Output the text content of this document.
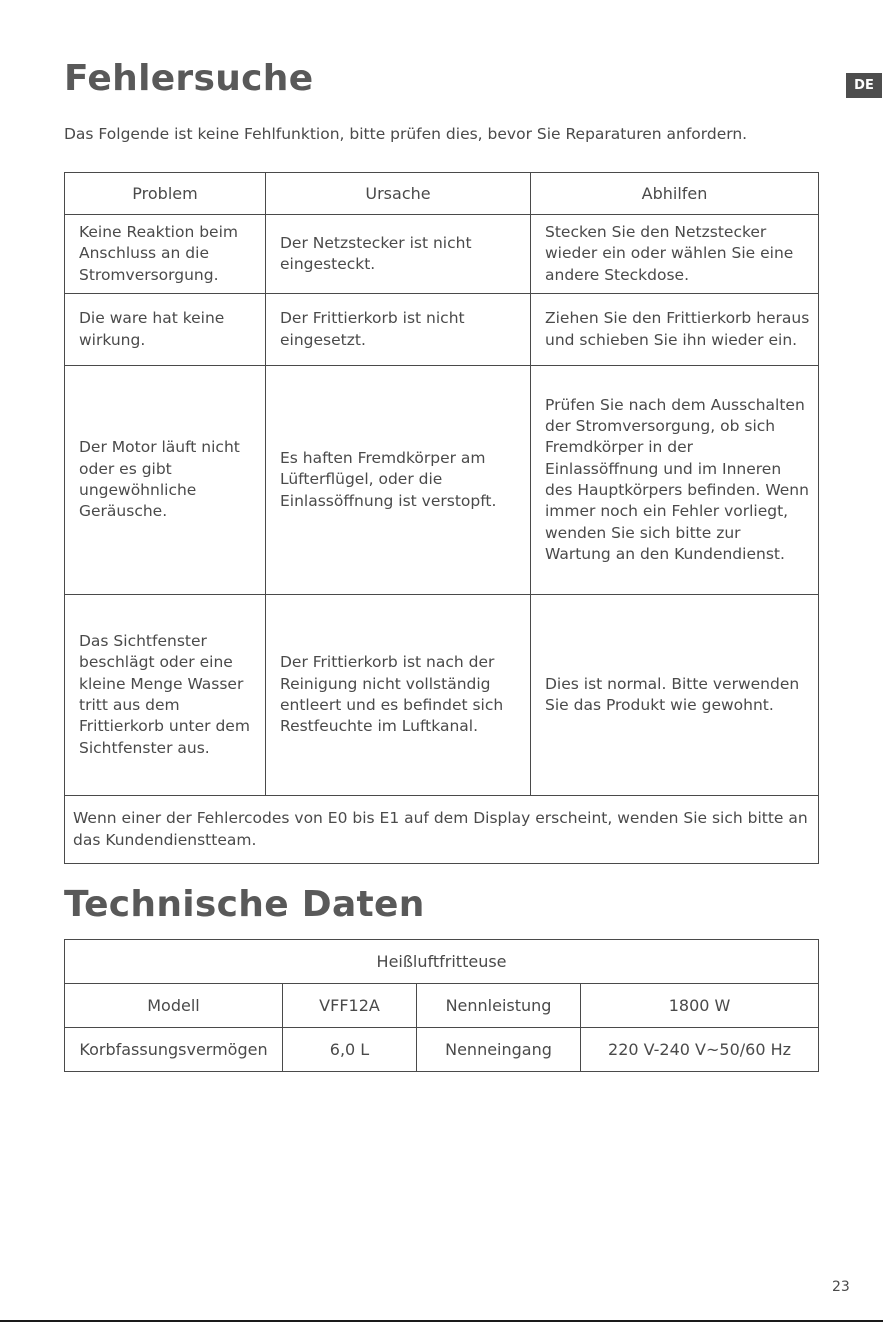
Fehlersuche	DE
Das Folgende ist keine Fehlfunktion, bitte prüfen dies, bevor Sie Reparaturen anfordern.
Problem	Ursache	Abhilfen
Keine Reaktion beim Anschluss an die Stromversorgung.	Der Netzstecker ist nicht eingesteckt.	Stecken Sie den Netzstecker wieder ein oder wählen Sie eine andere Steckdose.
Die ware hat keine wirkung.	Der Frittierkorb ist nicht eingesetzt.	Ziehen Sie den Frittierkorb heraus und schieben Sie ihn wieder ein.
Der Motor läuft nicht oder es gibt ungewöhnliche Geräusche.	Es haften Fremdkörper am Lüfterflügel, oder die Einlassöffnung ist verstopft.	Prüfen Sie nach dem Ausschalten der Stromversorgung, ob sich Fremdkörper in der Einlassöffnung und im Inneren des Hauptkörpers befinden. Wenn immer noch ein Fehler vorliegt, wenden Sie sich bitte zur Wartung an den Kundendienst.
Das Sichtfenster beschlägt oder eine kleine Menge Wasser tritt aus dem Frittierkorb unter dem Sichtfenster aus.	Der Frittierkorb ist nach der Reinigung nicht vollständig entleert und es befindet sich Restfeuchte im Luftkanal.	Dies ist normal. Bitte verwenden Sie das Produkt wie gewohnt.
Wenn einer der Fehlercodes von E0 bis E1 auf dem Display erscheint, wenden Sie sich bitte an das Kundendienstteam.		
Technische Daten
Heißluftfritteuse			
Modell	VFF12A	Nennleistung	1800 W
Korbfassungsvermögen	6,0 L	Nenneingang	220 V-240 V~50/60 Hz
23
